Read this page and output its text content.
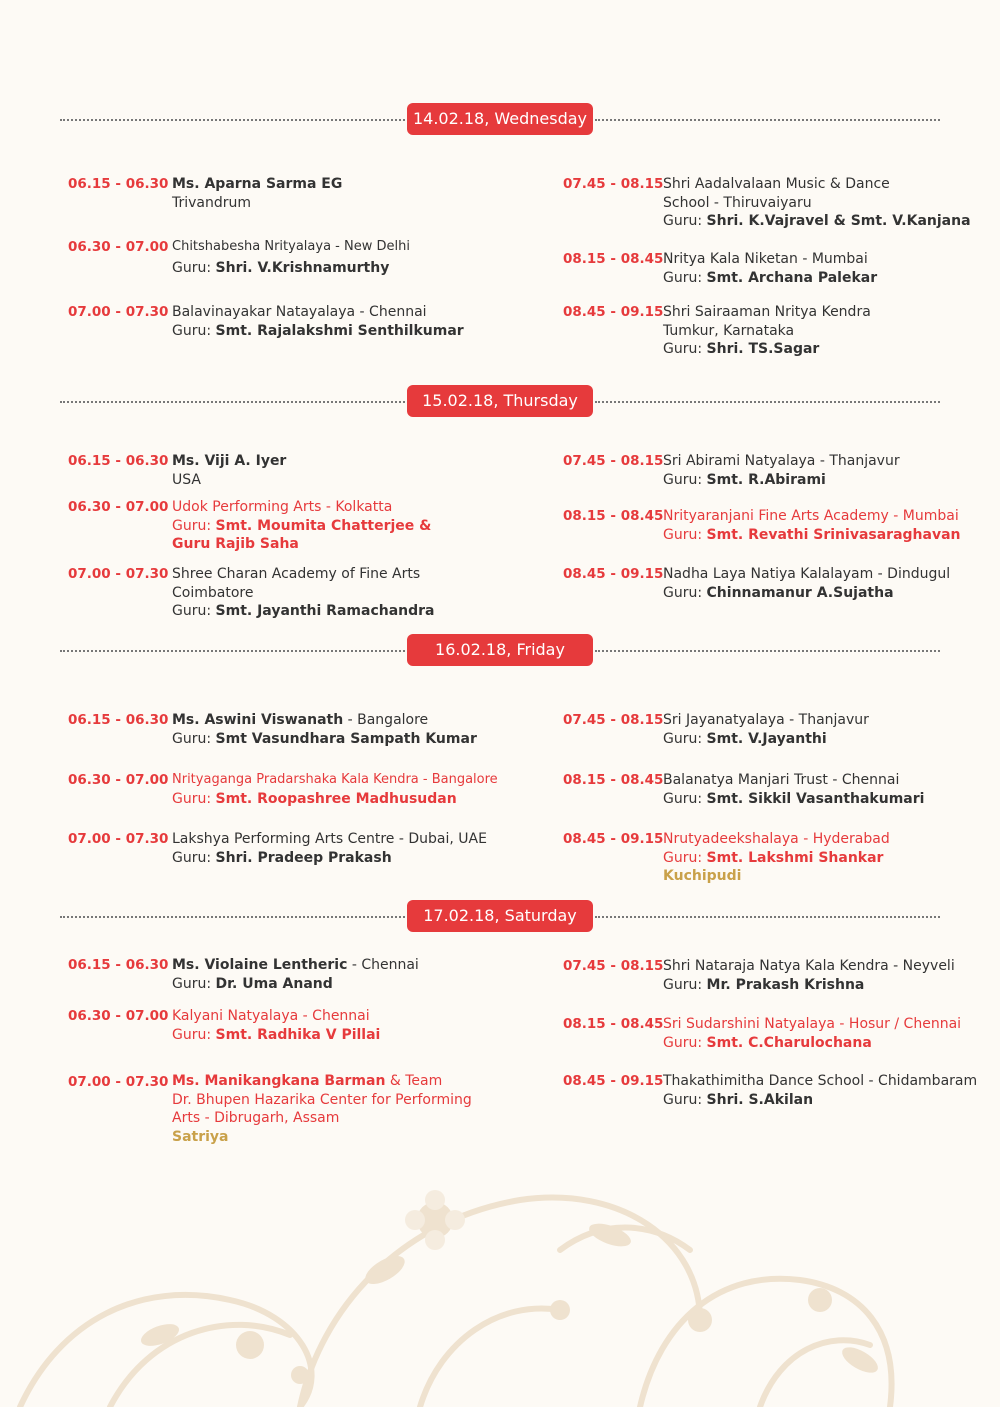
14.02.18, Wednesday
06.15 - 06.30 Ms. Aparna Sarma EG
Trivandrum
06.30 - 07.00 Chitshabesha Nrityalaya - New Delhi
Guru: Shri. V.Krishnamurthy
07.00 - 07.30 Balavinayakar Natayalaya - Chennai
Guru: Smt. Rajalakshmi Senthilkumar
07.45 - 08.15 Shri Aadalvalaan Music & Dance
School - Thiruvaiyaru
Guru: Shri. K.Vajravel & Smt. V.Kanjana
08.15 - 08.45 Nritya Kala Niketan - Mumbai
Guru: Smt. Archana Palekar
08.45 - 09.15 Shri Sairaaman Nritya Kendra
Tumkur, Karnataka
Guru: Shri. TS.Sagar
15.02.18, Thursday
06.15 - 06.30 Ms. Viji A. Iyer
USA
06.30 - 07.00 Udok Performing Arts - Kolkatta
Guru: Smt. Moumita Chatterjee &
Guru Rajib Saha
07.00 - 07.30 Shree Charan Academy of Fine Arts
Coimbatore
Guru: Smt. Jayanthi Ramachandra
07.45 - 08.15 Sri Abirami Natyalaya - Thanjavur
Guru: Smt. R.Abirami
08.15 - 08.45 Nrityaranjani Fine Arts Academy - Mumbai
Guru: Smt. Revathi Srinivasaraghavan
08.45 - 09.15 Nadha Laya Natiya Kalalayam - Dindugul
Guru: Chinnamanur A.Sujatha
16.02.18, Friday
06.15 - 06.30 Ms. Aswini Viswanath - Bangalore
Guru: Smt Vasundhara Sampath Kumar
06.30 - 07.00 Nrityaganga Pradarshaka Kala Kendra - Bangalore
Guru: Smt. Roopashree Madhusudan
07.00 - 07.30 Lakshya Performing Arts Centre - Dubai, UAE
Guru: Shri. Pradeep Prakash
07.45 - 08.15 Sri Jayanatyalaya - Thanjavur
Guru: Smt. V.Jayanthi
08.15 - 08.45 Balanatya Manjari Trust - Chennai
Guru: Smt. Sikkil Vasanthakumari
08.45 - 09.15 Nrutyadeekshalaya - Hyderabad
Guru: Smt. Lakshmi Shankar
Kuchipudi
17.02.18, Saturday
06.15 - 06.30 Ms. Violaine Lentheric - Chennai
Guru: Dr. Uma Anand
06.30 - 07.00 Kalyani Natyalaya - Chennai
Guru: Smt. Radhika V Pillai
07.00 - 07.30 Ms. Manikangkana Barman & Team
Dr. Bhupen Hazarika Center for Performing
Arts - Dibrugarh, Assam
Satriya
07.45 - 08.15 Shri Nataraja Natya Kala Kendra - Neyveli
Guru: Mr. Prakash Krishna
08.15 - 08.45 Sri Sudarshini Natyalaya - Hosur / Chennai
Guru: Smt. C.Charulochana
08.45 - 09.15 Thakathimitha Dance School - Chidambaram
Guru: Shri. S.Akilan
